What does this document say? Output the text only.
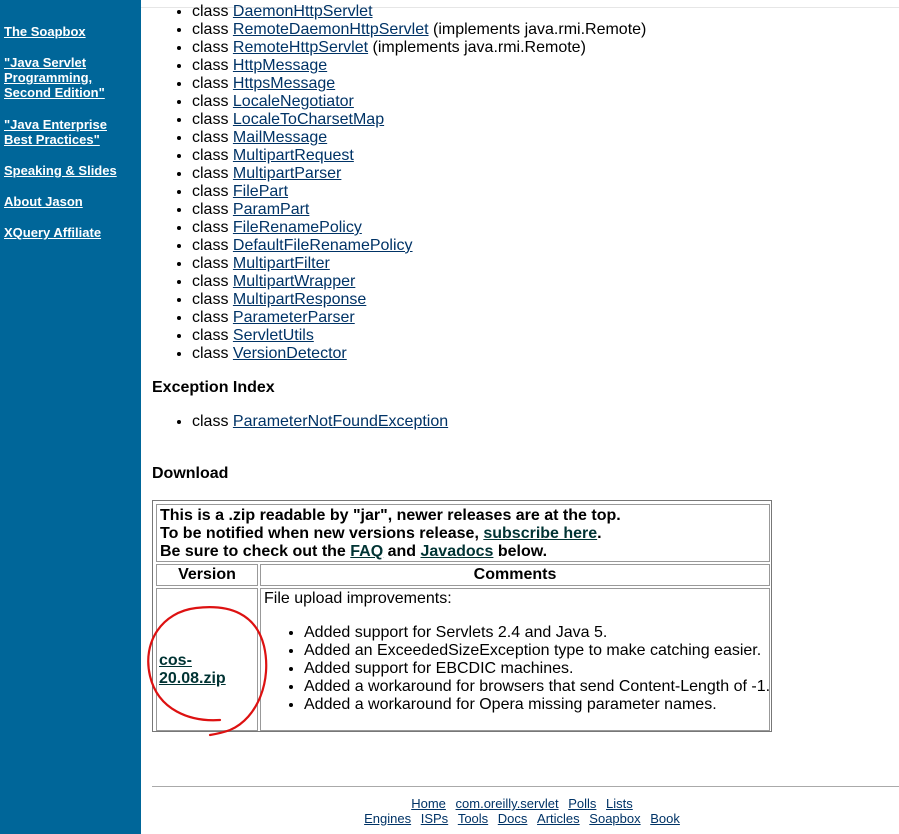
The Soapbox
"Java Servlet Programming, Second Edition"
"Java Enterprise Best Practices"
Speaking & Slides
About Jason
XQuery Affiliate
• class DaemonHttpServlet
• class RemoteDaemonHttpServlet (implements java.rmi.Remote)
• class RemoteHttpServlet (implements java.rmi.Remote)
• class HttpMessage
• class HttpsMessage
• class LocaleNegotiator
• class LocaleToCharsetMap
• class MailMessage
• class MultipartRequest
• class MultipartParser
• class FilePart
• class ParamPart
• class FileRenamePolicy
• class DefaultFileRenamePolicy
• class MultipartFilter
• class MultipartWrapper
• class MultipartResponse
• class ParameterParser
• class ServletUtils
• class VersionDetector
Exception Index
• class ParameterNotFoundException
Download
This is a .zip readable by "jar", newer releases are at the top.
To be notified when new versions release, subscribe here.
Be sure to check out the FAQ and Javadocs below.
Version	Comments
cos-20.08.zip
File upload improvements:
• Added support for Servlets 2.4 and Java 5.
• Added an ExceededSizeException type to make catching easier.
• Added support for EBCDIC machines.
• Added a workaround for browsers that send Content-Length of -1.
• Added a workaround for Opera missing parameter names.
Home com.oreilly.servlet Polls Lists
Engines ISPs Tools Docs Articles Soapbox Book
